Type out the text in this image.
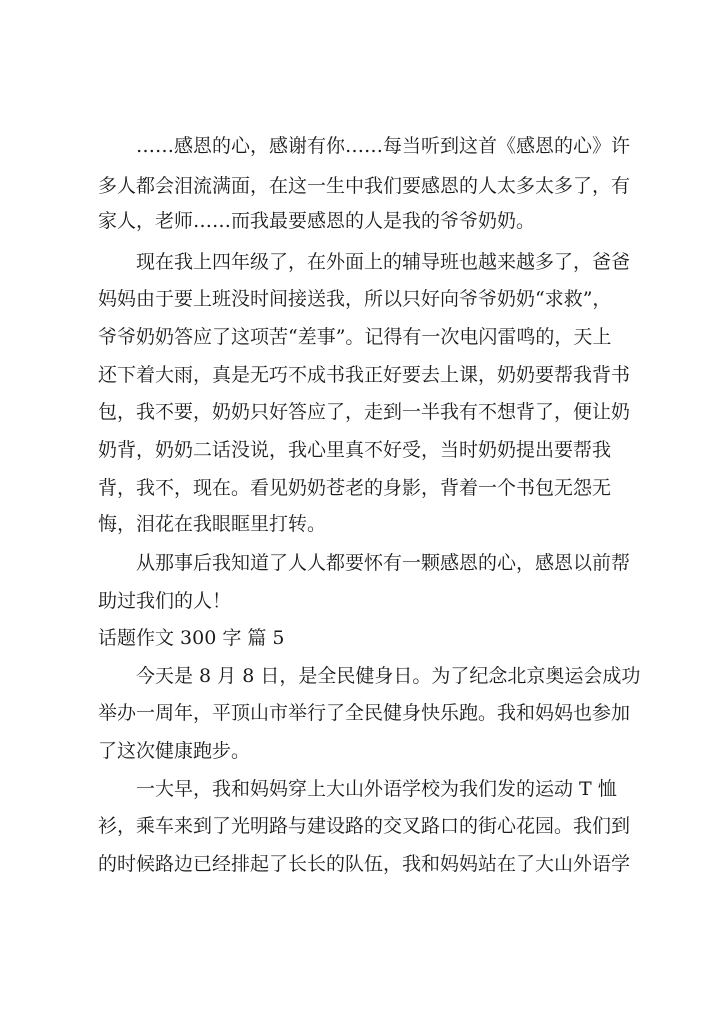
　　……感恩的心，感谢有你……每当听到这首《感恩的心》许
多人都会泪流满面，在这一生中我们要感恩的人太多太多了，有
家人，老师……而我最要感恩的人是我的爷爷奶奶。
　　现在我上四年级了，在外面上的辅导班也越来越多了，爸爸
妈妈由于要上班没时间接送我，所以只好向爷爷奶奶“求救”，
爷爷奶奶答应了这项苦“差事”。记得有一次电闪雷鸣的，天上
还下着大雨，真是无巧不成书我正好要去上课，奶奶要帮我背书
包，我不要，奶奶只好答应了，走到一半我有不想背了，便让奶
奶背，奶奶二话没说，我心里真不好受，当时奶奶提出要帮我
背，我不，现在。看见奶奶苍老的身影，背着一个书包无怨无
悔，泪花在我眼眶里打转。
　　从那事后我知道了人人都要怀有一颗感恩的心，感恩以前帮
助过我们的人！
话题作文 300 字 篇 5
　　今天是 8 月 8 日，是全民健身日。为了纪念北京奥运会成功
举办一周年，平顶山市举行了全民健身快乐跑。我和妈妈也参加
了这次健康跑步。
　　一大早，我和妈妈穿上大山外语学校为我们发的运动 T 恤
衫，乘车来到了光明路与建设路的交叉路口的街心花园。我们到
的时候路边已经排起了长长的队伍，我和妈妈站在了大山外语学
